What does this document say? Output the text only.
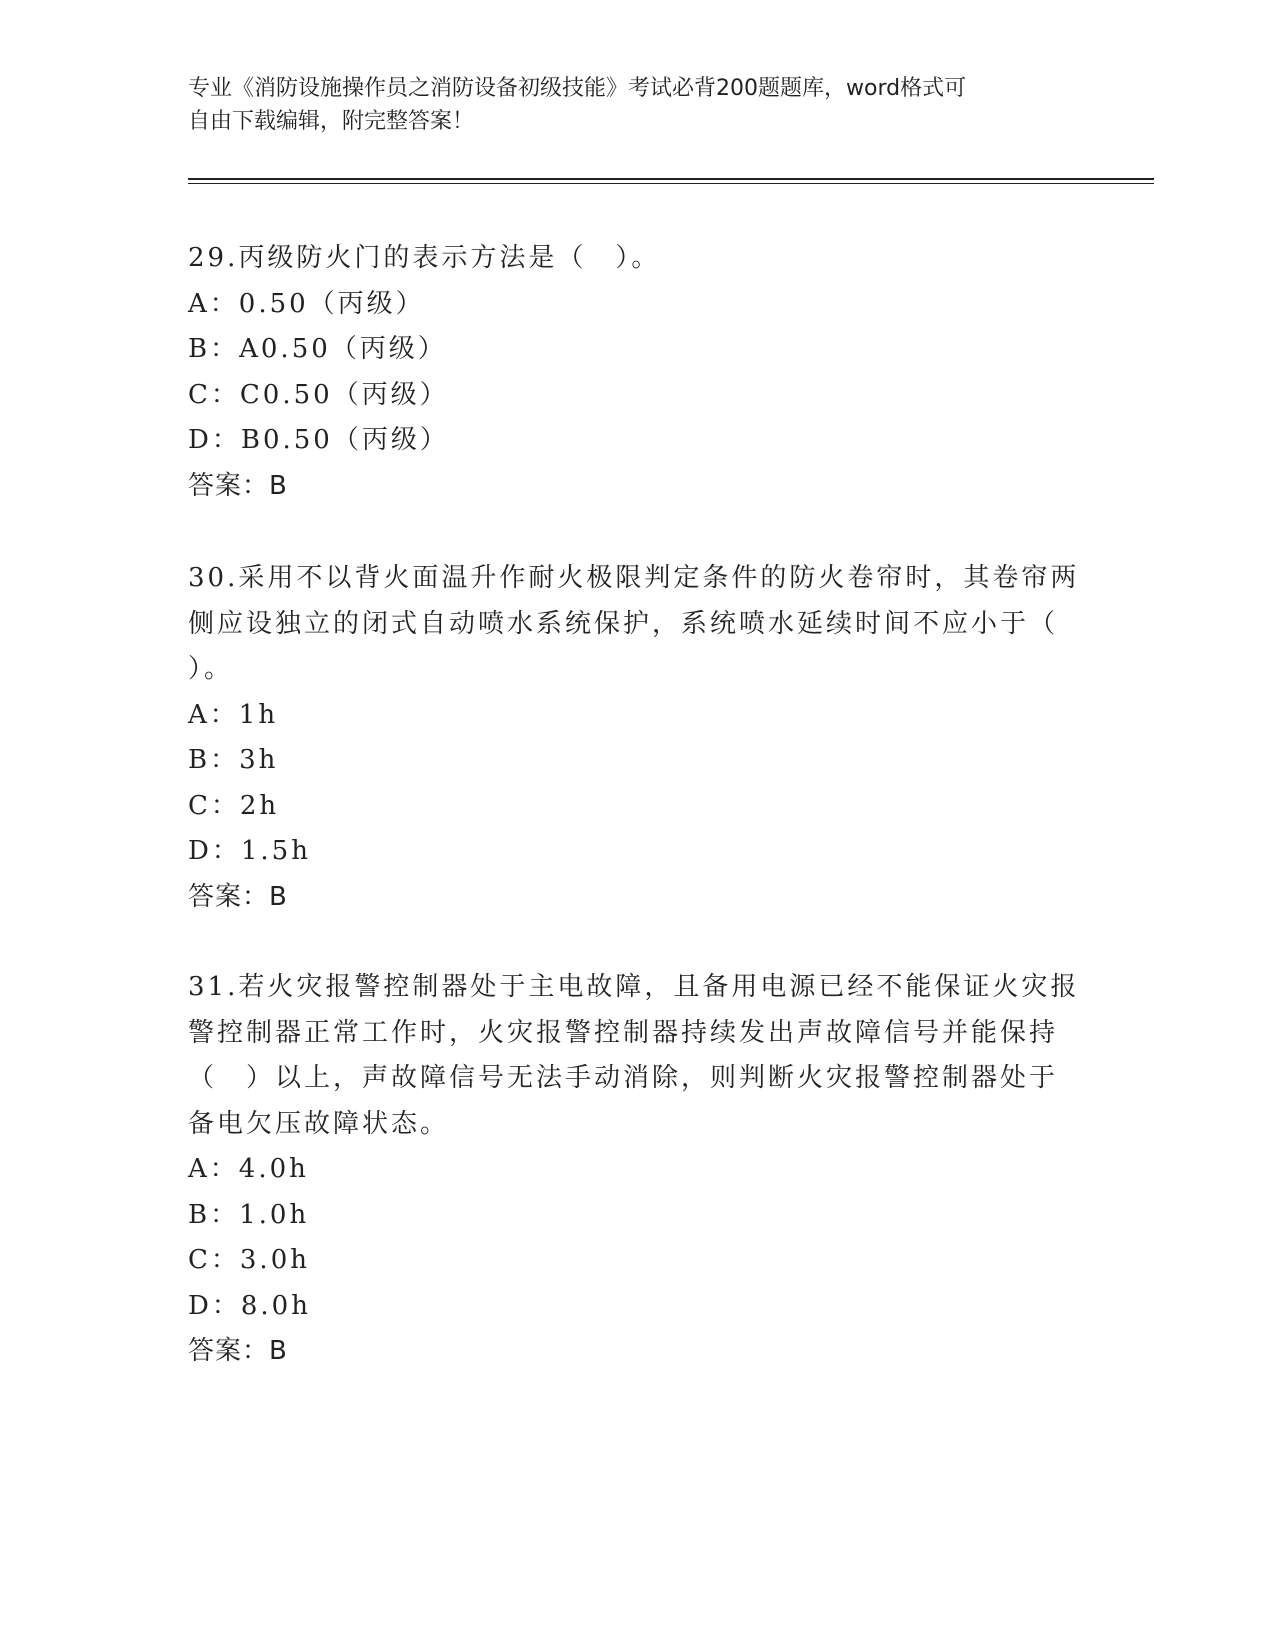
专业《消防设施操作员之消防设备初级技能》考试必背200题题库，word格式可
自由下载编辑，附完整答案！
29.丙级防火门的表示方法是（　）。
A：0.50（丙级）
B：A0.50（丙级）
C：C0.50（丙级）
D：B0.50（丙级）
答案：B
30.采用不以背火面温升作耐火极限判定条件的防火卷帘时，其卷帘两
侧应设独立的闭式自动喷水系统保护，系统喷水延续时间不应小于（
）。
A：1h
B：3h
C：2h
D：1.5h
答案：B
31.若火灾报警控制器处于主电故障，且备用电源已经不能保证火灾报
警控制器正常工作时，火灾报警控制器持续发出声故障信号并能保持
（　）以上，声故障信号无法手动消除，则判断火灾报警控制器处于
备电欠压故障状态。
A：4.0h
B：1.0h
C：3.0h
D：8.0h
答案：B
